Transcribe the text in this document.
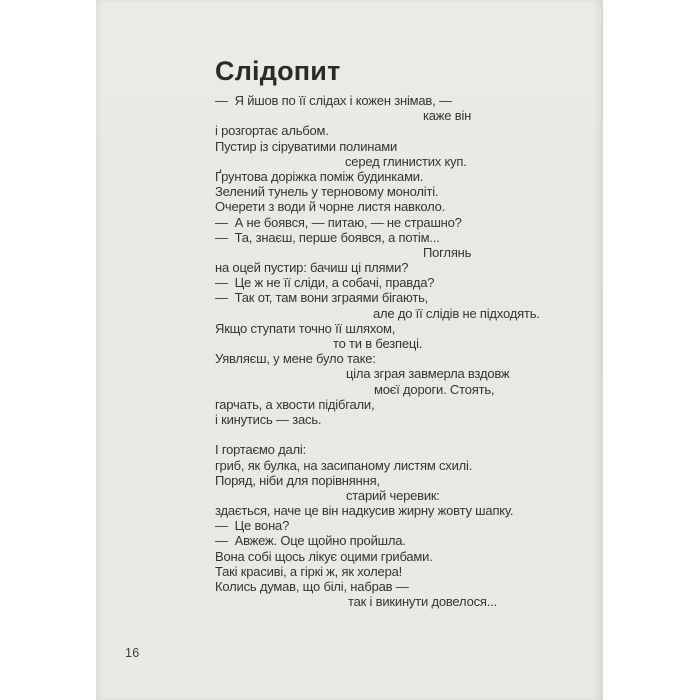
Слідопит
—  Я йшов по її слідах і кожен знімав, —
каже він
і розгортає альбом.
Пустир із сіруватими полинами
серед глинистих куп.
Ґрунтова доріжка поміж будинками.
Зелений тунель у терновому моноліті.
Очерети з води й чорне листя навколо.
—  А не боявся, — питаю, — не страшно?
—  Та, знаєш, перше боявся, а потім...
Поглянь
на оцей пустир: бачиш ці плями?
—  Це ж не її сліди, а собачі, правда?
—  Так от, там вони зграями бігають,
але до її слідів не підходять.
Якщо ступати точно її шляхом,
то ти в безпеці.
Уявляєш, у мене було таке:
ціла зграя завмерла вздовж
моєї дороги. Стоять,
гарчать, а хвости підібгали,
і кинутись — зась.
І гортаємо далі:
гриб, як булка, на засипаному листям схилі.
Поряд, ніби для порівняння,
старий черевик:
здається, наче це він надкусив жирну жовту шапку.
—  Це вона?
—  Авжеж. Оце щойно пройшла.
Вона собі щось лікує оцими грибами.
Такі красиві, а гіркі ж, як холера!
Колись думав, що білі, набрав —
так і викинути довелося...
16
